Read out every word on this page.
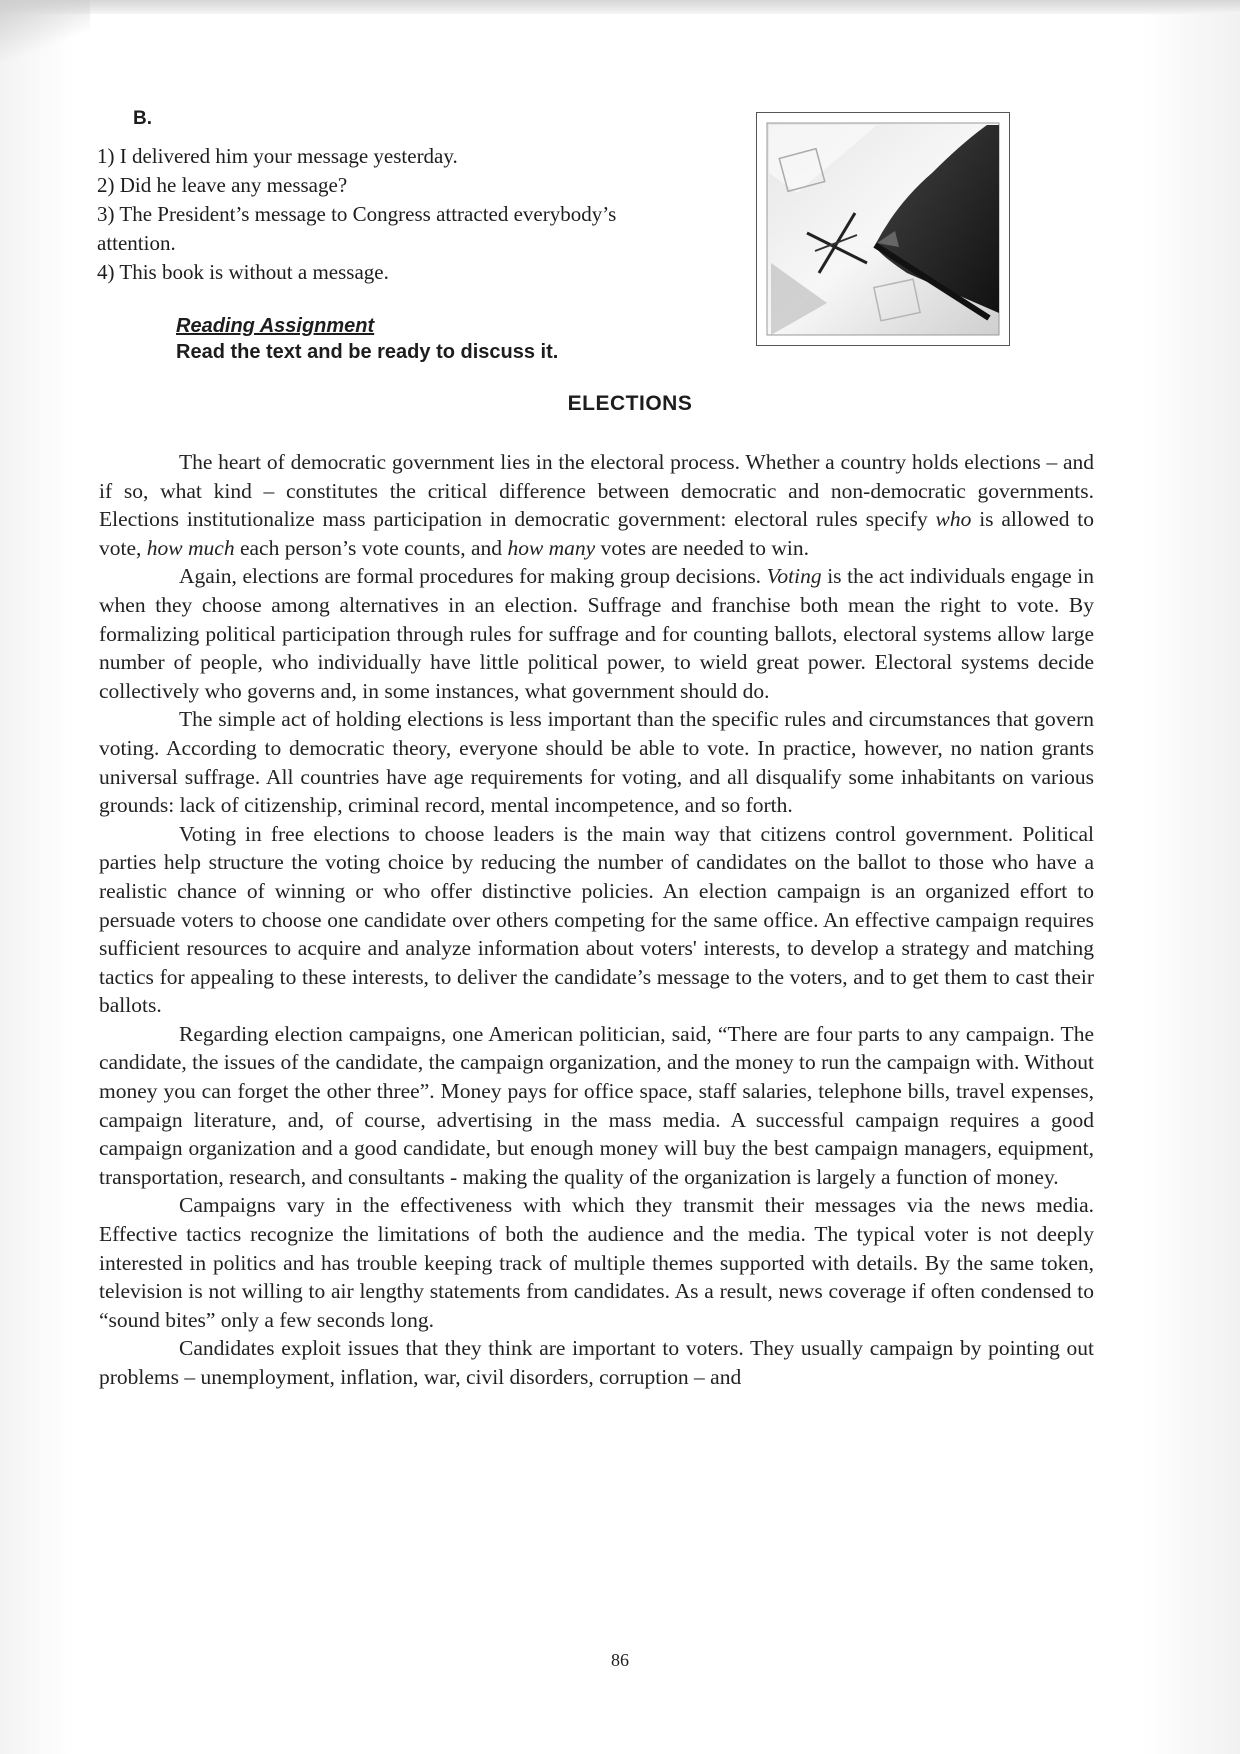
B.
1) I delivered him your message yesterday.
2) Did he leave any message?
3) The President’s message to Congress attracted everybody’s attention.
4) This book is without a message.
Reading Assignment
Read the text and be ready to discuss it.
ELECTIONS

The heart of democratic government lies in the electoral process. Whether a country holds elections – and if so, what kind – constitutes the critical difference between democratic and non-democratic governments. Elections institutionalize mass participation in democratic government: electoral rules specify who is allowed to vote, how much each person’s vote counts, and how many votes are needed to win.

Again, elections are formal procedures for making group decisions. Voting is the act individuals engage in when they choose among alternatives in an election. Suffrage and franchise both mean the right to vote. By formalizing political participation through rules for suffrage and for counting ballots, electoral systems allow large number of people, who individually have little political power, to wield great power. Electoral systems decide collectively who governs and, in some instances, what government should do.

The simple act of holding elections is less important than the specific rules and circumstances that govern voting. According to democratic theory, everyone should be able to vote. In practice, however, no nation grants universal suffrage. All countries have age requirements for voting, and all disqualify some inhabitants on various grounds: lack of citizenship, criminal record, mental incompetence, and so forth.

Voting in free elections to choose leaders is the main way that citizens control government. Political parties help structure the voting choice by reducing the number of candidates on the ballot to those who have a realistic chance of winning or who offer distinctive policies. An election campaign is an organized effort to persuade voters to choose one candidate over others competing for the same office. An effective campaign requires sufficient resources to acquire and analyze information about voters' interests, to develop a strategy and matching tactics for appealing to these interests, to deliver the candidate’s message to the voters, and to get them to cast their ballots.

Regarding election campaigns, one American politician, said, “There are four parts to any campaign. The candidate, the issues of the candidate, the campaign organization, and the money to run the campaign with. Without money you can forget the other three”. Money pays for office space, staff salaries, telephone bills, travel expenses, campaign literature, and, of course, advertising in the mass media. A successful campaign requires a good campaign organization and a good candidate, but enough money will buy the best campaign managers, equipment, transportation, research, and consultants - making the quality of the organization is largely a function of money.

Campaigns vary in the effectiveness with which they transmit their messages via the news media. Effective tactics recognize the limitations of both the audience and the media. The typical voter is not deeply interested in politics and has trouble keeping track of multiple themes supported with details. By the same token, television is not willing to air lengthy statements from candidates. As a result, news coverage if often condensed to “sound bites” only a few seconds long.

Candidates exploit issues that they think are important to voters. They usually campaign by pointing out problems – unemployment, inflation, war, civil disorders, corruption – and

86
